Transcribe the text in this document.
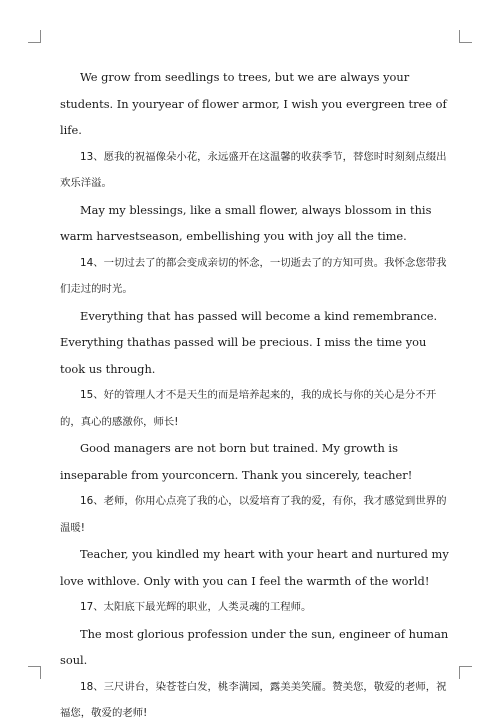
We grow from seedlings to trees, but we are always your students. In youryear of flower armor, I wish you evergreen tree of life.

13、愿我的祝福像朵小花，永远盛开在这温馨的收获季节，替您时时刻刻点缀出欢乐洋溢。

May my blessings, like a small flower, always blossom in this warm harvestseason, embellishing you with joy all the time.

14、一切过去了的都会变成亲切的怀念，一切逝去了的方知可贵。我怀念您带我们走过的时光。

Everything that has passed will become a kind remembrance. Everything thathas passed will be precious. I miss the time you took us through.

15、好的管理人才不是天生的而是培养起来的，我的成长与你的关心是分不开的，真心的感激你，师长!

Good managers are not born but trained. My growth is inseparable from yourconcern. Thank you sincerely, teacher!

16、老师，你用心点亮了我的心，以爱培育了我的爱，有你，我才感觉到世界的温暖!

Teacher, you kindled my heart with your heart and nurtured my love withlove. Only with you can I feel the warmth of the world!

17、太阳底下最光辉的职业，人类灵魂的工程师。

The most glorious profession under the sun, engineer of human soul.

18、三尺讲台，染苍苍白发，桃李满园，露美美笑靥。赞美您，敬爱的老师，祝福您，敬爱的老师!
